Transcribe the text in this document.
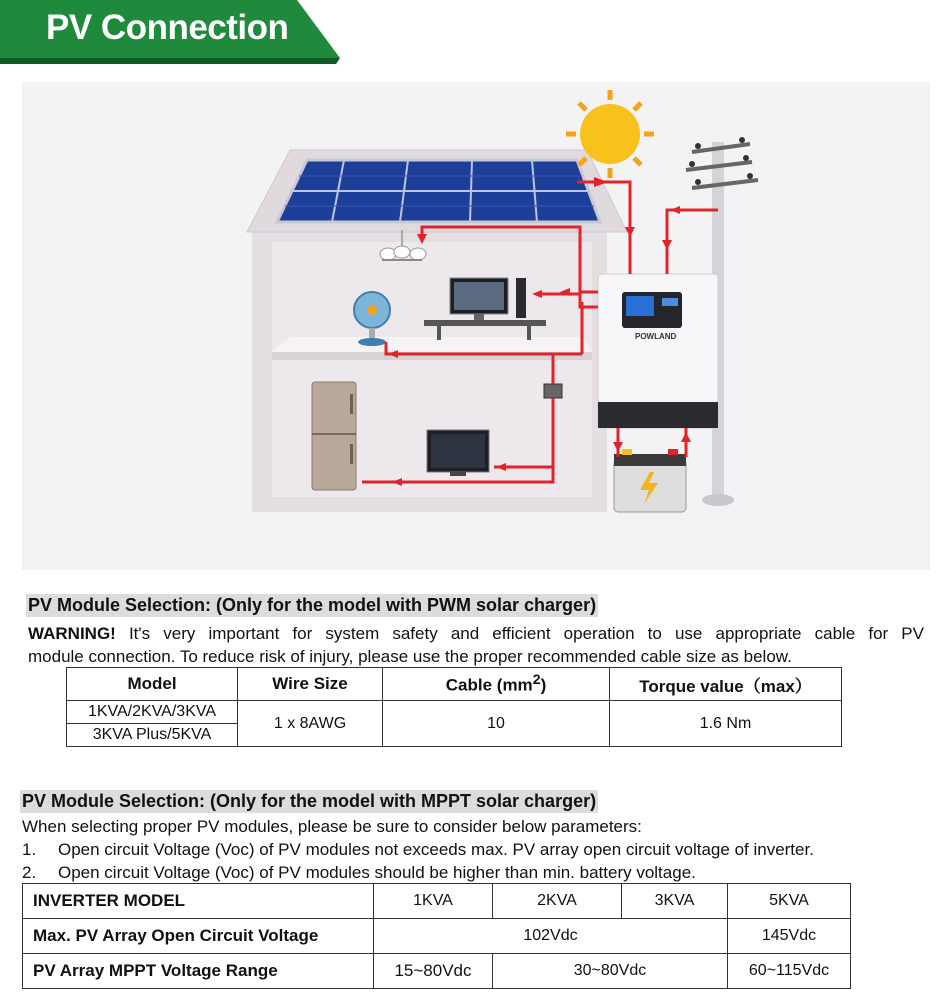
PV Connection
POWLAND
PV Module Selection: (Only for the model with PWM solar charger)
WARNING! It's very important for system safety and efficient operation to use appropriate cable for PV
module connection. To reduce risk of injury, please use the proper recommended cable size as below.
Model	Wire Size	Cable $(mm^2)$	Torque value（max）
1KVA/2KVA/3KVA	1 x 8AWG	10	1.6 Nm
3KVA Plus/5KVA			
PV Module Selection: (Only for the model with MPPT solar charger)
When selecting proper PV modules, please be sure to consider below parameters:
1. Open circuit Voltage (Voc) of PV modules not exceeds max. PV array open circuit voltage of inverter.
2. Open circuit Voltage (Voc) of PV modules should be higher than min. battery voltage.
INVERTER MODEL	1KVA	2KVA	3KVA	5KVA
Max. PV Array Open Circuit Voltage	102Vdc			145Vdc
PV Array MPPT Voltage Range	15~80Vdc	30~80Vdc		60~115Vdc
